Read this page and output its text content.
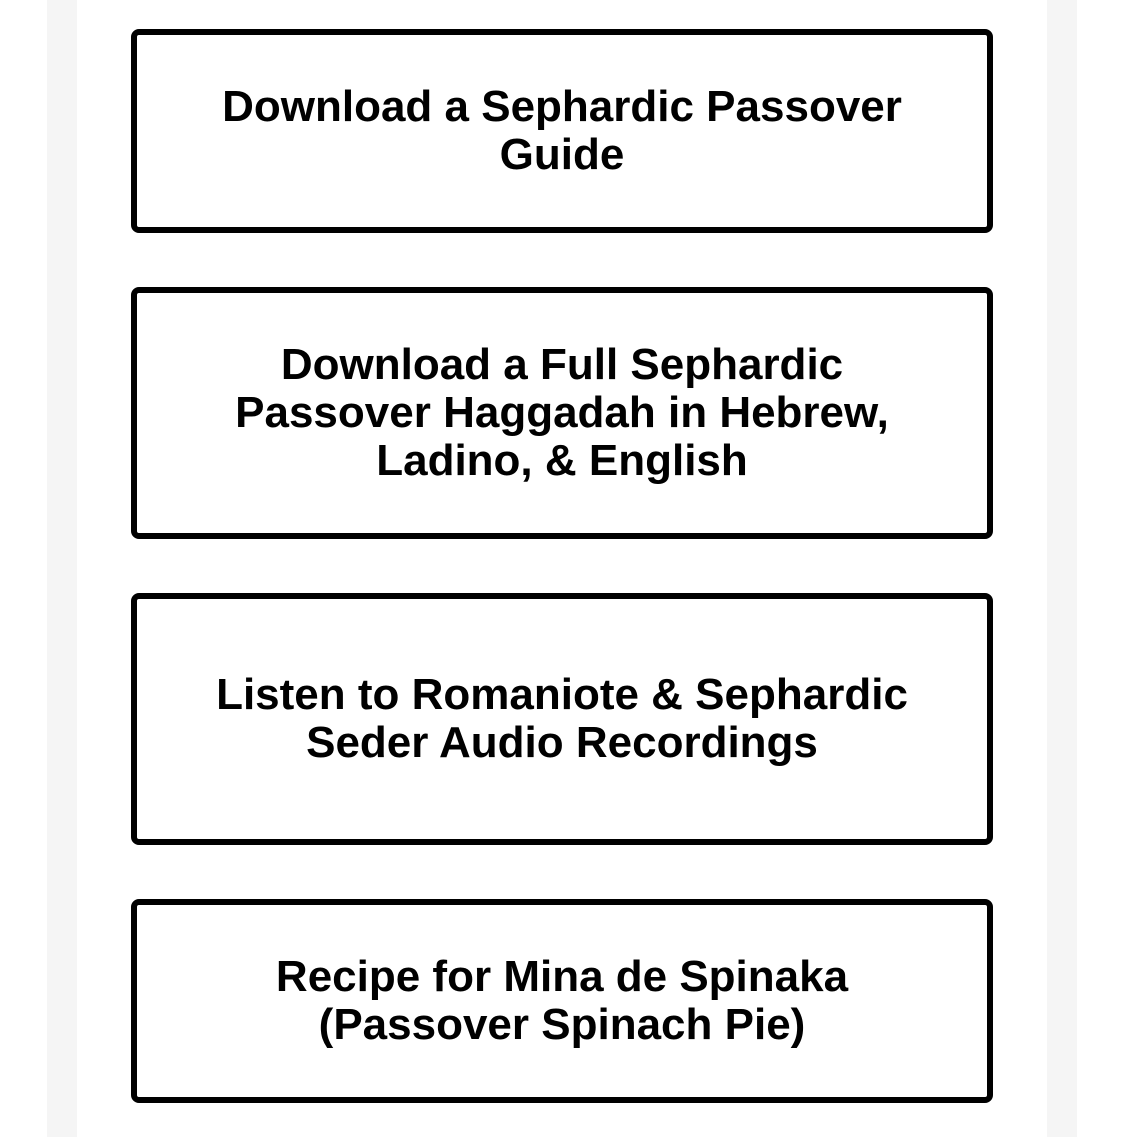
Download a Sephardic Passover Guide
Download a Full Sephardic Passover Haggadah in Hebrew, Ladino, & English
Listen to Romaniote & Sephardic Seder Audio Recordings
Recipe for Mina de Spinaka (Passover Spinach Pie)
